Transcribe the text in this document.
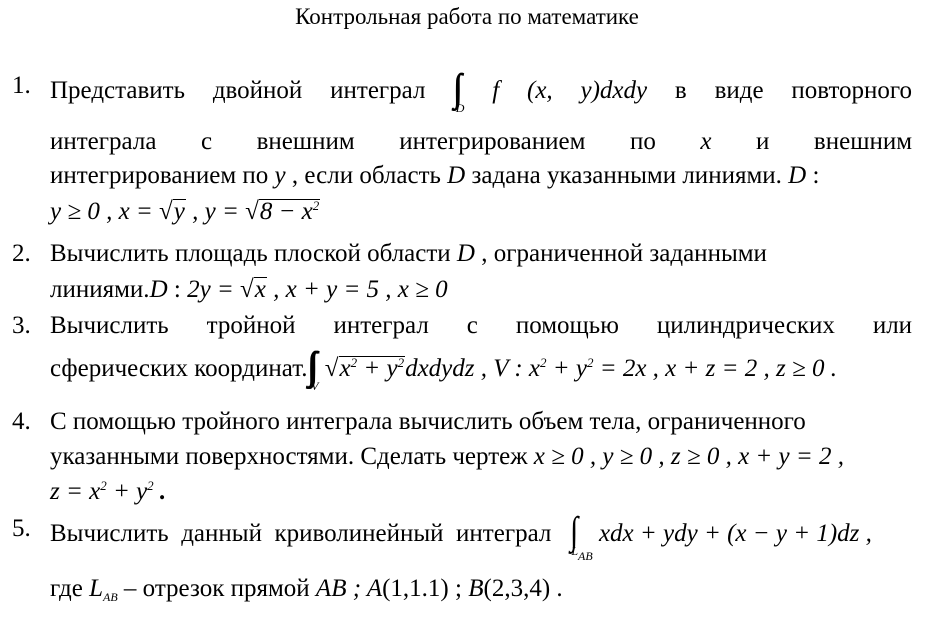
Контрольная работа по математике
1. Представить двойной интеграл $\int\int_D$ f (x, y)dxdy в виде повторного
интеграла с внешним интегрированием по x и внешним
интегрированием по y , если область D задана указанными линиями. D :
y ≥ 0 , x = √y , $y = √8 - x^2$
2. Вычислить площадь плоской области D , ограниченной заданными
линиями.D : 2y = √x , x + y = 5 , x ≥ 0
3. Вычислить тройной интеграл с помощью цилиндрических или
сферических $координат.\int\int\int_V$ $√x^2$ + $y^2dxdydz$ , V : $x^2 + y^2 = 2x$ , x + z = 2 , z ≥ 0 .
4. С помощью тройного интеграла вычислить объем тела, ограниченного
указанными поверхностями. Сделать чертеж x ≥ 0 , y ≥ 0 , z ≥ 0 , x + y = 2 ,
$z = x^2 + y^2$ .
5. Вычислить данный криволинейный интеграл $\int_{L_{AB}}$ xdx + ydy + (x − y + 1)dz ,
где $L_{AB}$ – отрезок прямой AB ; A(1,1.1) ; B(2,3,4) .
